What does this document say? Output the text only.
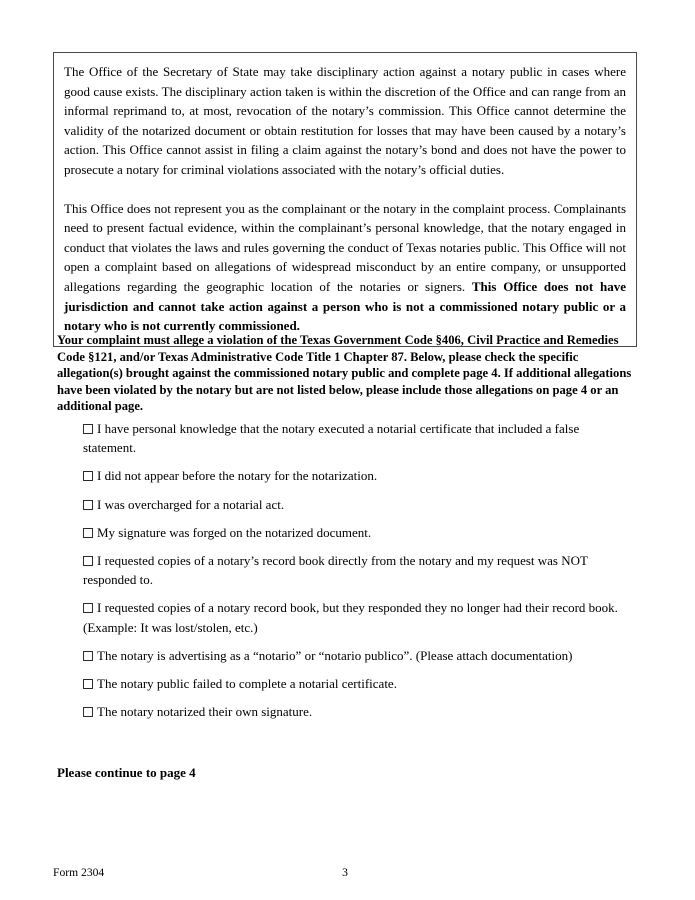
The Office of the Secretary of State may take disciplinary action against a notary public in cases where good cause exists. The disciplinary action taken is within the discretion of the Office and can range from an informal reprimand to, at most, revocation of the notary’s commission. This Office cannot determine the validity of the notarized document or obtain restitution for losses that may have been caused by a notary’s action. This Office cannot assist in filing a claim against the notary’s bond and does not have the power to prosecute a notary for criminal violations associated with the notary’s official duties.

This Office does not represent you as the complainant or the notary in the complaint process. Complainants need to present factual evidence, within the complainant’s personal knowledge, that the notary engaged in conduct that violates the laws and rules governing the conduct of Texas notaries public. This Office will not open a complaint based on allegations of widespread misconduct by an entire company, or unsupported allegations regarding the geographic location of the notaries or signers. This Office does not have jurisdiction and cannot take action against a person who is not a commissioned notary public or a notary who is not currently commissioned.

Your complaint must allege a violation of the Texas Government Code §406, Civil Practice and Remedies Code §121, and/or Texas Administrative Code Title 1 Chapter 87. Below, please check the specific allegation(s) brought against the commissioned notary public and complete page 4. If additional allegations have been violated by the notary but are not listed below, please include those allegations on page 4 or an additional page.
I have personal knowledge that the notary executed a notarial certificate that included a false statement.
I did not appear before the notary for the notarization.
I was overcharged for a notarial act.
My signature was forged on the notarized document.
I requested copies of a notary’s record book directly from the notary and my request was NOT responded to.
I requested copies of a notary record book, but they responded they no longer had their record book. (Example: It was lost/stolen, etc.)
The notary is advertising as a “notario” or “notario publico”. (Please attach documentation)
The notary public failed to complete a notarial certificate.
The notary notarized their own signature.
Please continue to page 4
Form 2304	3
